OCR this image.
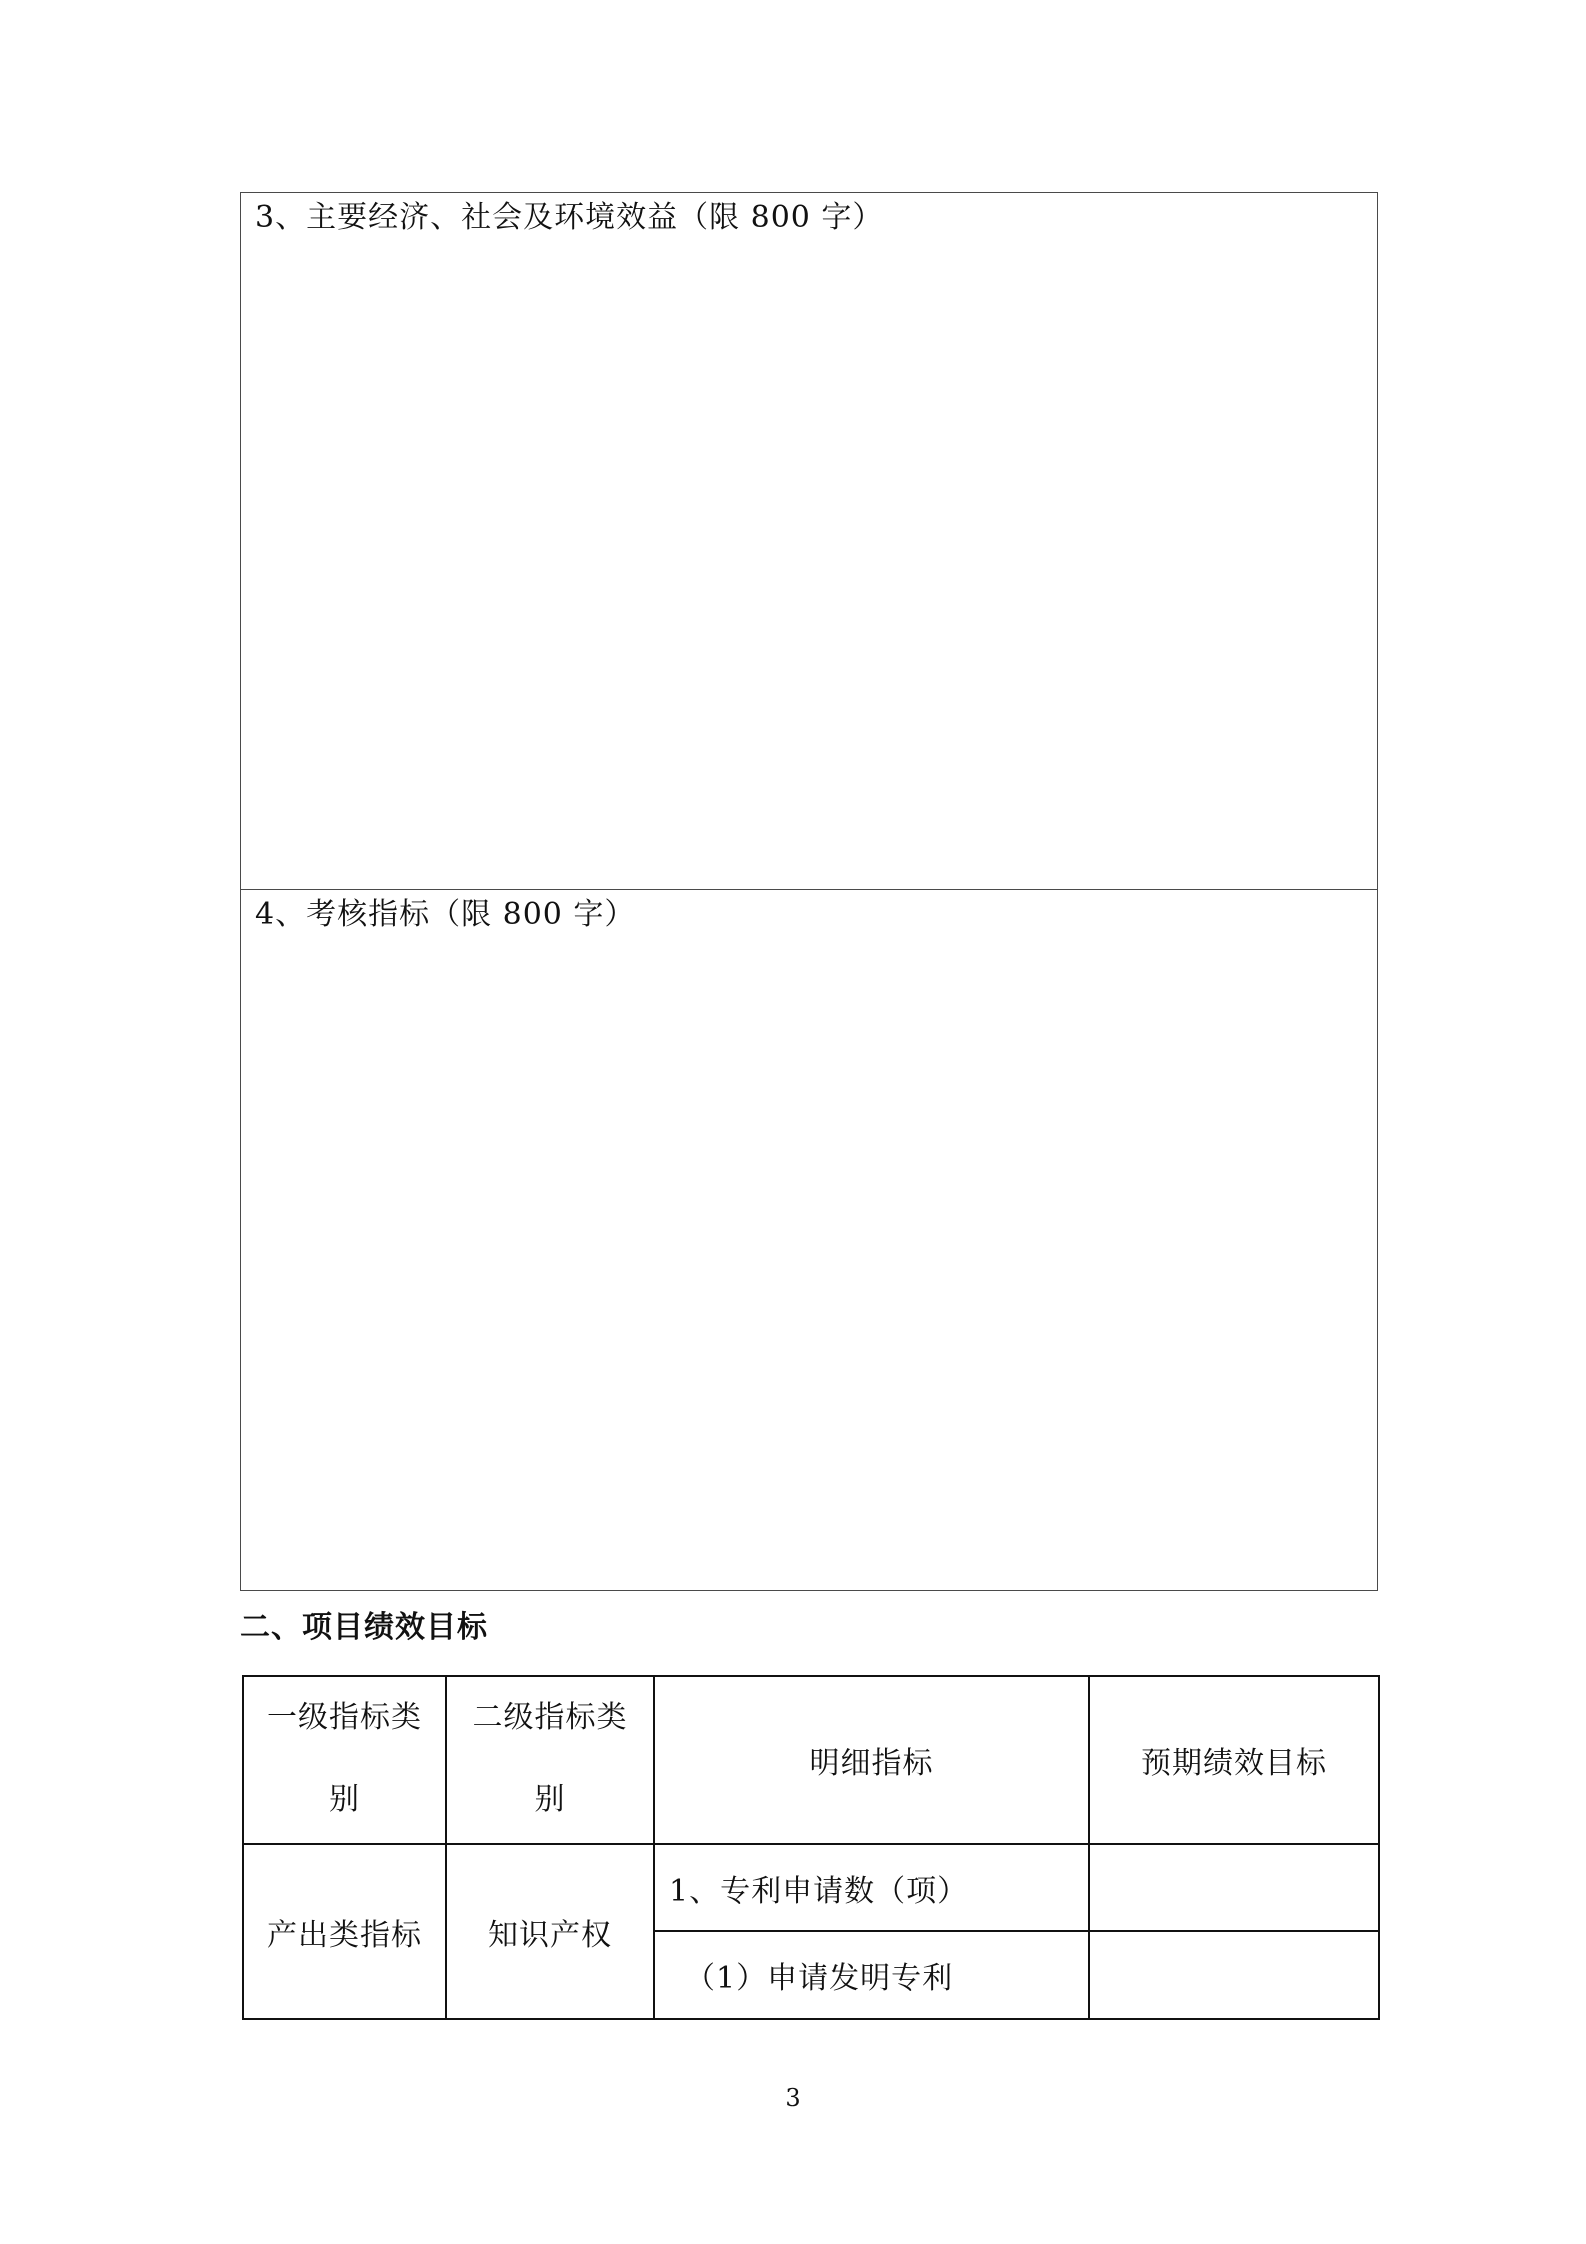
3、主要经济、社会及环境效益（限 800 字）

4、考核指标（限 800 字）
二、项目绩效目标
一级指标类别	二级指标类别	明细指标	预期绩效目标
产出类指标	知识产权	1、专利申请数（项）	
		（1）申请发明专利	
3
